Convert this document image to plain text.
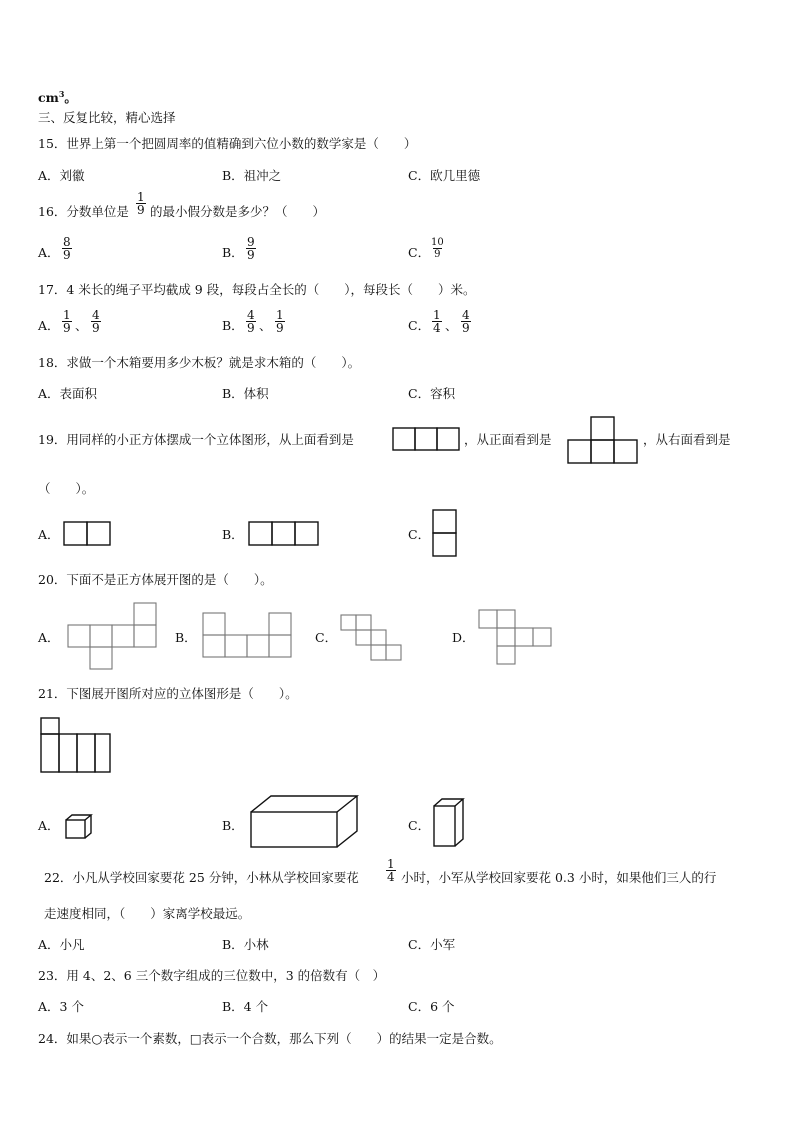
$cm^3$。
三、反复比较，精心选择
15．世界上第一个把圆周率的值精确到六位小数的数学家是（　　）
A．刘徽	B．祖冲之	C．欧几里德
16．分数单位是 $\frac{1}{9}$ 的最小假分数是多少？（　　）
A． $\frac{8}{9}$	B． $\frac{9}{9}$	C． $\frac{10}{9}$
17．4 米长的绳子平均截成 9 段，每段占全长的（　　），每段长（　　）米。
A． $\frac{1}{9}$ 、 $\frac{4}{9}$	B． $\frac{4}{9}$ 、 $\frac{1}{9}$	C． $\frac{1}{4}$ 、 $\frac{4}{9}$
18．求做一个木箱要用多少木板？就是求木箱的（　　）。
A．表面积	B．体积	C．容积
19．用同样的小正方体摆成一个立体图形，从上面看到是	，从正面看到是	，从右面看到是
（　　）。
A．	B．	C．
20．下面不是正方体展开图的是（　　）。
A．	B．	C．	D．
21．下图展开图所对应的立体图形是（　　）。
A．	B．	C．
22．小凡从学校回家要花 25 分钟，小林从学校回家要花 $\frac{1}{4}$ 小时，小军从学校回家要花 0.3 小时，如果他们三人的行
走速度相同，（　　）家离学校最远。
A．小凡	B．小林	C．小军
23．用 4、2、6 三个数字组成的三位数中，3 的倍数有（　）
A．3 个	B．4 个	C．6 个
24．如果○表示一个素数，□表示一个合数，那么下列（　　）的结果一定是合数。
